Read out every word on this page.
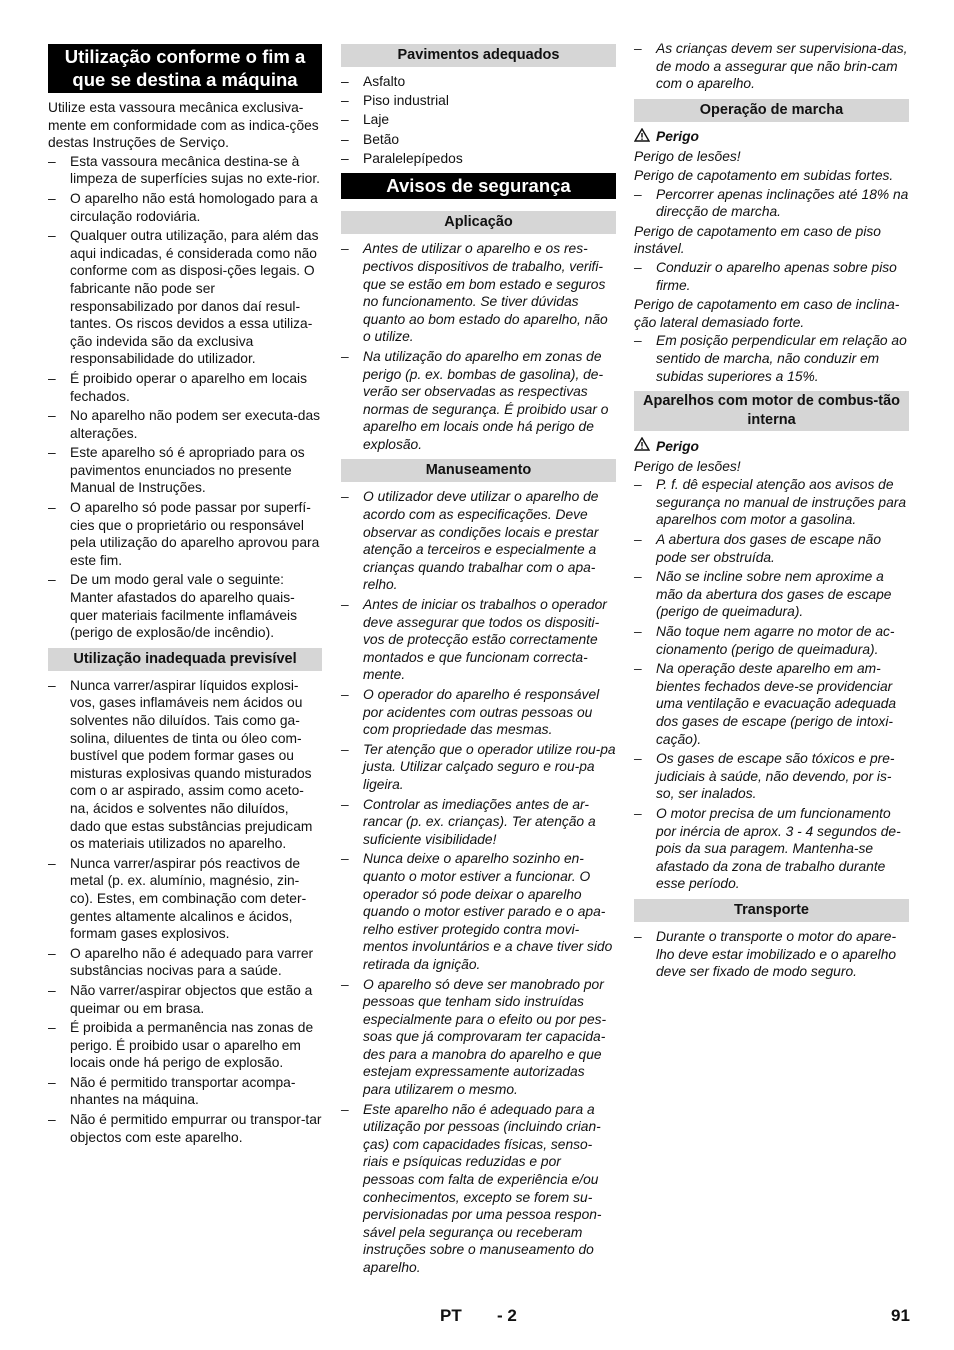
Utilização conforme o fim a que se destina a máquina

Utilize esta vassoura mecânica exclusiva-mente em conformidade com as indica-ções destas Instruções de Serviço.

– Esta vassoura mecânica destina-se à limpeza de superfícies sujas no exte-rior.
– O aparelho não está homologado para a circulação rodoviária.
– Qualquer outra utilização, para além das aqui indicadas, é considerada como não conforme com as disposi-ções legais. O fabricante não pode ser responsabilizado por danos daí resul-tantes. Os riscos devidos a essa utiliza-ção indevida são da exclusiva responsabilidade do utilizador.
– É proibido operar o aparelho em locais fechados.
– No aparelho não podem ser executa-das alterações.
– Este aparelho só é apropriado para os pavimentos enunciados no presente Manual de Instruções.
– O aparelho só pode passar por superfí-cies que o proprietário ou responsável pela utilização do aparelho aprovou para este fim.
– De um modo geral vale o seguinte: Manter afastados do aparelho quais-quer materiais facilmente inflamáveis (perigo de explosão/de incêndio).
Utilização inadequada previsível
– Nunca varrer/aspirar líquidos explosi-vos, gases inflamáveis nem ácidos ou solventes não diluídos. Tais como ga-solina, diluentes de tinta ou óleo com-bustível que podem formar gases ou misturas explosivas quando misturados com o ar aspirado, assim como aceto-na, ácidos e solventes não diluídos, dado que estas substâncias prejudicam os materiais utilizados no aparelho.
– Nunca varrer/aspirar pós reactivos de metal (p. ex. alumínio, magnésio, zin-co). Estes, em combinação com deter-gentes altamente alcalinos e ácidos, formam gases explosivos.
– O aparelho não é adequado para varrer substâncias nocivas para a saúde.
– Não varrer/aspirar objectos que estão a queimar ou em brasa.
– É proibida a permanência nas zonas de perigo. É proibido usar o aparelho em locais onde há perigo de explosão.
– Não é permitido transportar acompa-nhantes na máquina.
– Não é permitido empurrar ou transpor-tar objectos com este aparelho.
Pavimentos adequados
– Asfalto
– Piso industrial
– Laje
– Betão
– Paralelepípedos
Avisos de segurança
Aplicação
– Antes de utilizar o aparelho e os res-pectivos dispositivos de trabalho, verifi-que se estão em bom estado e seguros no funcionamento. Se tiver dúvidas quanto ao bom estado do aparelho, não o utilize.
– Na utilização do aparelho em zonas de perigo (p. ex. bombas de gasolina), de-verão ser observadas as respectivas normas de segurança. É proibido usar o aparelho em locais onde há perigo de explosão.
Manuseamento
– O utilizador deve utilizar o aparelho de acordo com as especificações. Deve observar as condições locais e prestar atenção a terceiros e especialmente a crianças quando trabalhar com o apa-relho.
– Antes de iniciar os trabalhos o operador deve assegurar que todos os dispositi-vos de protecção estão correctamente montados e que funcionam correcta-mente.
– O operador do aparelho é responsável por acidentes com outras pessoas ou com propriedade das mesmas.
– Ter atenção que o operador utilize rou-pa justa. Utilizar calçado seguro e rou-pa ligeira.
– Controlar as imediações antes de ar-rancar (p. ex. crianças). Ter atenção a suficiente visibilidade!
– Nunca deixe o aparelho sozinho en-quanto o motor estiver a funcionar. O operador só pode deixar o aparelho quando o motor estiver parado e o apa-relho estiver protegido contra movi-mentos involuntários e a chave tiver sido retirada da ignição.
– O aparelho só deve ser manobrado por pessoas que tenham sido instruídas especialmente para o efeito ou por pes-soas que já comprovaram ter capacida-des para a manobra do aparelho e que estejam expressamente autorizadas para utilizarem o mesmo.
– Este aparelho não é adequado para a utilização por pessoas (incluindo crian-ças) com capacidades físicas, senso-riais e psíquicas reduzidas e por pessoas com falta de experiência e/ou conhecimentos, excepto se forem su-pervisionadas por uma pessoa respon-sável pela segurança ou receberam instruções sobre o manuseamento do aparelho.
– As crianças devem ser supervisiona-das, de modo a assegurar que não brin-cam com o aparelho.
Operação de marcha
Perigo

Perigo de lesões!

Perigo de capotamento em subidas fortes.

– Percorrer apenas inclinações até 18% na direcção de marcha.

Perigo de capotamento em caso de piso instável.

– Conduzir o aparelho apenas sobre piso firme.

Perigo de capotamento em caso de inclina-ção lateral demasiado forte.

– Em posição perpendicular em relação ao sentido de marcha, não conduzir em subidas superiores a 15%.
Aparelhos com motor de combus-tão interna
Perigo

Perigo de lesões!

– P. f. dê especial atenção aos avisos de segurança no manual de instruções para aparelhos com motor a gasolina.
– A abertura dos gases de escape não pode ser obstruída.
– Não se incline sobre nem aproxime a mão da abertura dos gases de escape (perigo de queimadura).
– Não toque nem agarre no motor de ac-cionamento (perigo de queimadura).
– Na operação deste aparelho em am-bientes fechados deve-se providenciar uma ventilação e evacuação adequada dos gases de escape (perigo de intoxi-cação).
– Os gases de escape são tóxicos e pre-judiciais à saúde, não devendo, por is-so, ser inalados.
– O motor precisa de um funcionamento por inércia de aprox. 3 - 4 segundos de-pois da sua paragem. Mantenha-se afastado da zona de trabalho durante esse período.
Transporte
– Durante o transporte o motor do apare-lho deve estar imobilizado e o aparelho deve ser fixado de modo seguro.
PT - 2	91
